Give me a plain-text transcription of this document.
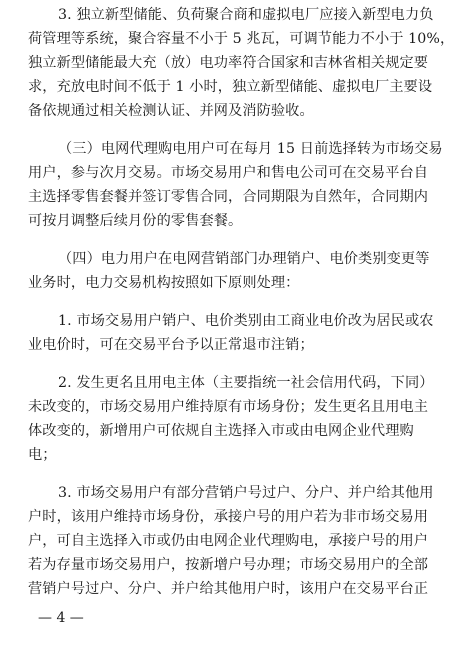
3. 独立新型储能、负荷聚合商和虚拟电厂应接入新型电力负
荷管理等系统，聚合容量不小于 5 兆瓦，可调节能力不小于 10%，
独立新型储能最大充（放）电功率符合国家和吉林省相关规定要
求，充放电时间不低于 1 小时，独立新型储能、虚拟电厂主要设
备依规通过相关检测认证、并网及消防验收。
（三）电网代理购电用户可在每月 15 日前选择转为市场交易
用户，参与次月交易。市场交易用户和售电公司可在交易平台自
主选择零售套餐并签订零售合同，合同期限为自然年，合同期内
可按月调整后续月份的零售套餐。
（四）电力用户在电网营销部门办理销户、电价类别变更等
业务时，电力交易机构按照如下原则处理：
1. 市场交易用户销户、电价类别由工商业电价改为居民或农
业电价时，可在交易平台予以正常退市注销；
2. 发生更名且用电主体（主要指统一社会信用代码，下同）
未改变的，市场交易用户维持原有市场身份；发生更名且用电主
体改变的，新增用户可依规自主选择入市或由电网企业代理购
电；
3. 市场交易用户有部分营销户号过户、分户、并户给其他用
户时，该用户维持市场身份，承接户号的用户若为非市场交易用
户，可自主选择入市或仍由电网企业代理购电，承接户号的用户
若为存量市场交易用户，按新增户号办理；市场交易用户的全部
营销户号过户、分户、并户给其他用户时，该用户在交易平台正
— 4 —
